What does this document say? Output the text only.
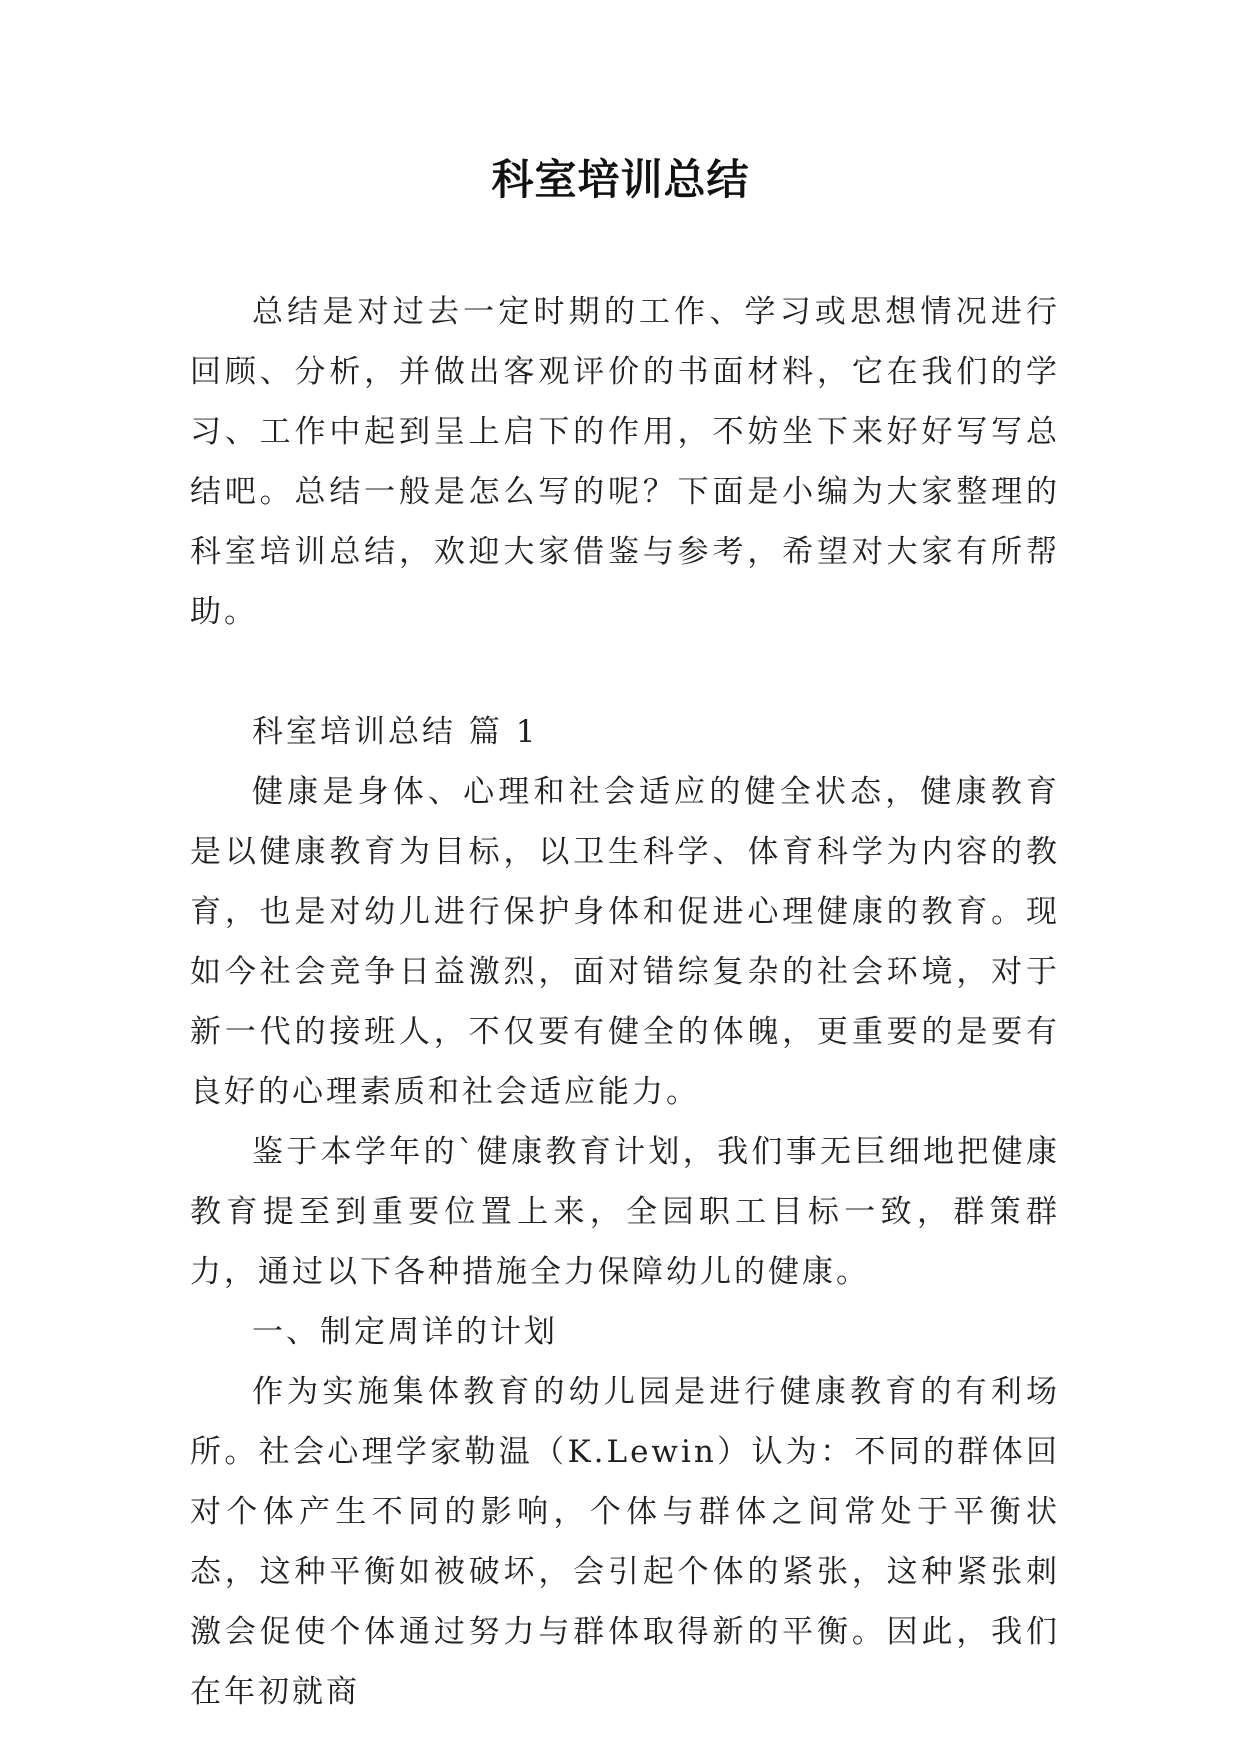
科室培训总结

总结是对过去一定时期的工作、学习或思想情况进行回顾、分析，并做出客观评价的书面材料，它在我们的学习、工作中起到呈上启下的作用，不妨坐下来好好写写总结吧。总结一般是怎么写的呢？下面是小编为大家整理的科室培训总结，欢迎大家借鉴与参考，希望对大家有所帮助。

科室培训总结 篇 1

健康是身体、心理和社会适应的健全状态，健康教育是以健康教育为目标，以卫生科学、体育科学为内容的教育，也是对幼儿进行保护身体和促进心理健康的教育。现如今社会竞争日益激烈，面对错综复杂的社会环境，对于新一代的接班人，不仅要有健全的体魄，更重要的是要有良好的心理素质和社会适应能力。

鉴于本学年的`健康教育计划，我们事无巨细地把健康教育提至到重要位置上来，全园职工目标一致，群策群力，通过以下各种措施全力保障幼儿的健康。

一、制定周详的计划

作为实施集体教育的幼儿园是进行健康教育的有利场所。社会心理学家勒温（K.Lewin）认为：不同的群体回对个体产生不同的影响，个体与群体之间常处于平衡状态，这种平衡如被破坏，会引起个体的紧张，这种紧张刺激会促使个体通过努力与群体取得新的平衡。因此，我们在年初就商
